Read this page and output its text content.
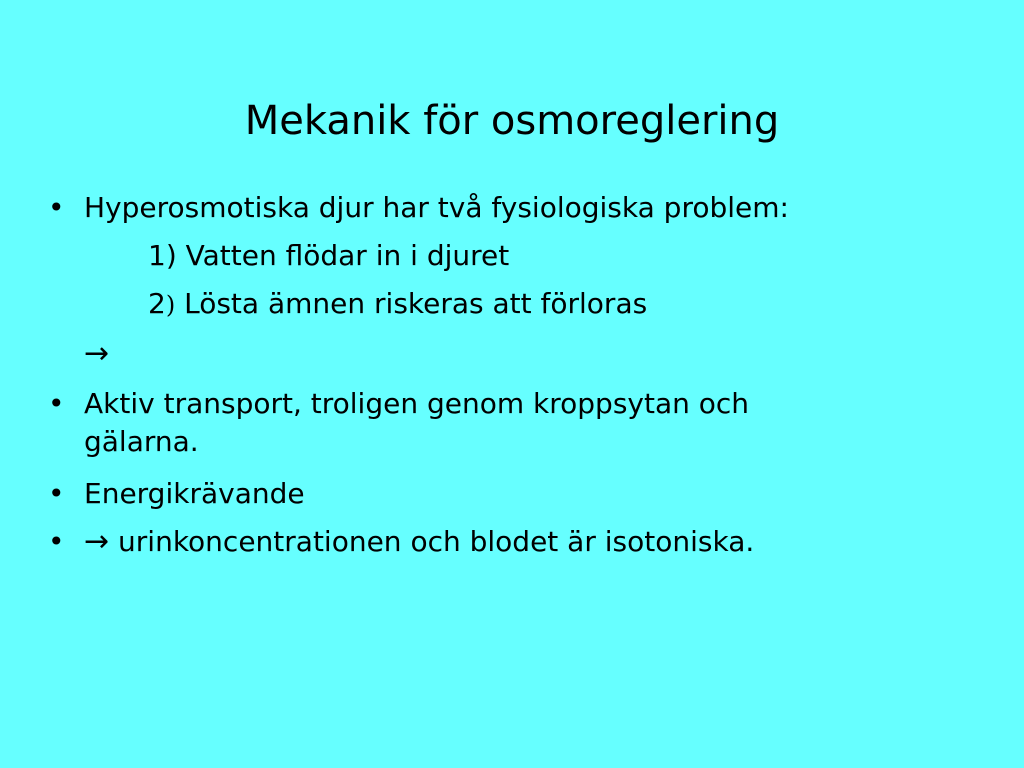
Mekanik för osmoreglering
• Hyperosmotiska djur har två fysiologiska problem:
1) Vatten flödar in i djuret
2) Lösta ämnen riskeras att förloras
→
• Aktiv transport, troligen genom kroppsytan och
gälarna.
• Energikrävande
• → urinkoncentrationen och blodet är isotoniska.
